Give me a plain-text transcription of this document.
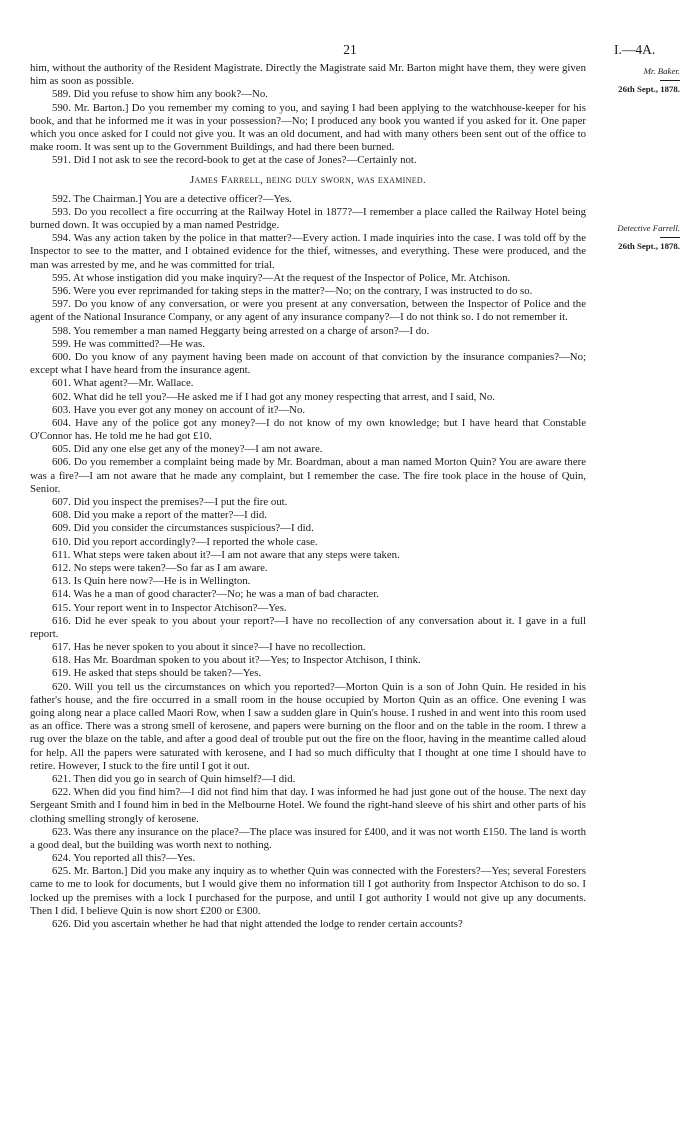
21	I.—4A.
Mr. Baker.
26th Sept., 1878.
Detective Farrell.
26th Sept., 1878.

him, without the authority of the Resident Magistrate. Directly the Magistrate said Mr. Barton might have them, they were given him as soon as possible.

589. Did you refuse to show him any book?—No.

590. Mr. Barton.] Do you remember my coming to you, and saying I had been applying to the watchhouse-keeper for his book, and that he informed me it was in your possession?—No; I produced any book you wanted if you asked for it. One paper which you once asked for I could not give you. It was an old document, and had with many others been sent out of the office to make room. It was sent up to the Government Buildings, and had there been burned.

591. Did I not ask to see the record-book to get at the case of Jones?—Certainly not.

James Farrell, being duly sworn, was examined.

592. The Chairman.] You are a detective officer?—Yes.

593. Do you recollect a fire occurring at the Railway Hotel in 1877?—I remember a place called the Railway Hotel being burned down. It was occupied by a man named Pestridge.

594. Was any action taken by the police in that matter?—Every action. I made inquiries into the case. I was told off by the Inspector to see to the matter, and I obtained evidence for the thief, witnesses, and everything. These were produced, and the man was arrested by me, and he was committed for trial.

595. At whose instigation did you make inquiry?—At the request of the Inspector of Police, Mr. Atchison.

596. Were you ever reprimanded for taking steps in the matter?—No; on the contrary, I was instructed to do so.

597. Do you know of any conversation, or were you present at any conversation, between the Inspector of Police and the agent of the National Insurance Company, or any agent of any insurance company?—I do not think so. I do not remember it.

598. You remember a man named Heggarty being arrested on a charge of arson?—I do.

599. He was committed?—He was.

600. Do you know of any payment having been made on account of that conviction by the insurance companies?—No; except what I have heard from the insurance agent.

601. What agent?—Mr. Wallace.

602. What did he tell you?—He asked me if I had got any money respecting that arrest, and I said, No.

603. Have you ever got any money on account of it?—No.

604. Have any of the police got any money?—I do not know of my own knowledge; but I have heard that Constable O'Connor has. He told me he had got £10.

605. Did any one else get any of the money?—I am not aware.

606. Do you remember a complaint being made by Mr. Boardman, about a man named Morton Quin? You are aware there was a fire?—I am not aware that he made any complaint, but I remember the case. The fire took place in the house of Quin, Senior.

607. Did you inspect the premises?—I put the fire out.

608. Did you make a report of the matter?—I did.

609. Did you consider the circumstances suspicious?—I did.

610. Did you report accordingly?—I reported the whole case.

611. What steps were taken about it?—I am not aware that any steps were taken.

612. No steps were taken?—So far as I am aware.

613. Is Quin here now?—He is in Wellington.

614. Was he a man of good character?—No; he was a man of bad character.

615. Your report went in to Inspector Atchison?—Yes.

616. Did he ever speak to you about your report?—I have no recollection of any conversation about it. I gave in a full report.

617. Has he never spoken to you about it since?—I have no recollection.

618. Has Mr. Boardman spoken to you about it?—Yes; to Inspector Atchison, I think.

619. He asked that steps should be taken?—Yes.

620. Will you tell us the circumstances on which you reported?—Morton Quin is a son of John Quin. He resided in his father's house, and the fire occurred in a small room in the house occupied by Morton Quin as an office. One evening I was going along near a place called Maori Row, when I saw a sudden glare in Quin's house. I rushed in and went into this room used as an office. There was a strong smell of kerosene, and papers were burning on the floor and on the table in the room. I threw a rug over the blaze on the table, and after a good deal of trouble put out the fire on the floor, having in the meantime called aloud for help. All the papers were saturated with kerosene, and I had so much difficulty that I thought at one time I should have to retire. However, I stuck to the fire until I got it out.

621. Then did you go in search of Quin himself?—I did.

622. When did you find him?—I did not find him that day. I was informed he had just gone out of the house. The next day Sergeant Smith and I found him in bed in the Melbourne Hotel. We found the right-hand sleeve of his shirt and other parts of his clothing smelling strongly of kerosene.

623. Was there any insurance on the place?—The place was insured for £400, and it was not worth £150. The land is worth a good deal, but the building was worth next to nothing.

624. You reported all this?—Yes.

625. Mr. Barton.] Did you make any inquiry as to whether Quin was connected with the Foresters?—Yes; several Foresters came to me to look for documents, but I would give them no information till I got authority from Inspector Atchison to do so. I locked up the premises with a lock I purchased for the purpose, and until I got authority I would not give up any documents. Then I did. I believe Quin is now short £200 or £300.

626. Did you ascertain whether he had that night attended the lodge to render certain accounts?
